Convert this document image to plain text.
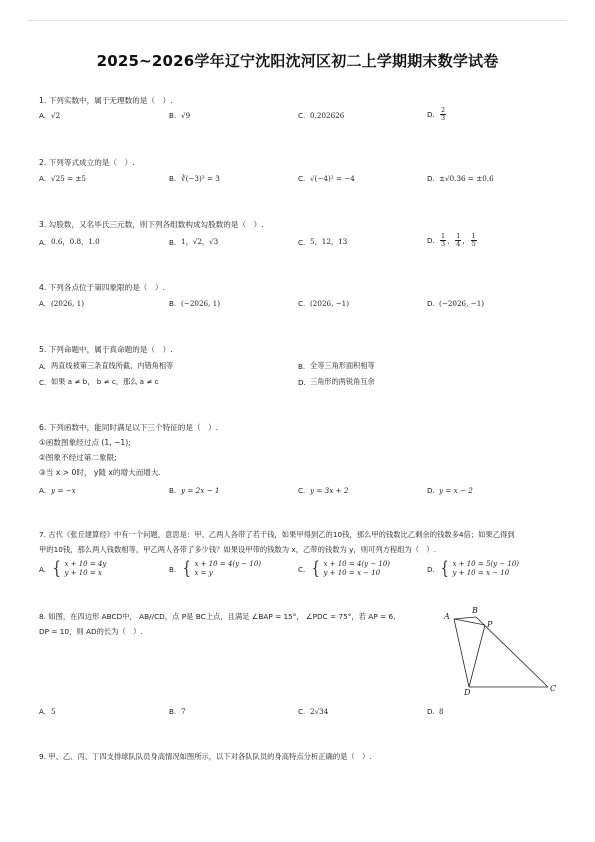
2025~2026学年辽宁沈阳沈河区初二上学期期末数学试卷
1. 下列实数中，属于无理数的是（　）.
A. √2	B. √9	C. 0.202626	D. $\frac{2}{3}$
2. 下列等式成立的是（　）.
A. √25 = ±5	B. ∛(−3)³ = 3	C. √(−4)² = −4	D. ±√0.36 = ±0.6
3. 勾股数，又名毕氏三元数，则下列各组数构成勾股数的是（　）.
A. 0.6，0.8，1.0	B. 1，√2，√3	C. 5，12，13	D. $\frac{1}{3}$ ， $\frac{1}{4}$ ， $\frac{1}{5}$
4. 下列各点位于第四象限的是（　）.
A. (2026, 1)	B. (−2026, 1)	C. (2026, −1)	D. (−2026, −1)
5. 下列命题中，属于真命题的是（　）.
A. 两直线被第三条直线所截，内错角相等	B. 全等三角形面积相等
C. 如果 a ≠ b， b ≠ c，那么 a ≠ c	D. 三角形的两锐角互余
6. 下列函数中，能同时满足以下三个特征的是（　）.
①函数图象经过点 (1, −1);
②图象不经过第二象限;
③当 x > 0时， y随 x的增大而增大.
A. y = −x	B. y = 2x − 1	C. y = 3x + 2	D. y = x − 2
7. 古代《张丘建算经》中有一个问题，意思是：甲、乙两人各带了若干钱，如果甲得到乙的10钱，那么甲的钱数比乙剩余的钱数多4倍；如果乙得到
甲的10钱，那么两人钱数相等，甲乙两人各带了多少钱？如果设甲带的钱数为 x，乙带的钱数为 y，则可列方程组为（　）.
A. { x + 10 = 4y
y + 10 = x	B. { x + 10 = 4(y − 10)
x = y	C. { x + 10 = 4(y − 10)
y + 10 = x − 10	D. { x + 10 = 5(y − 10)
y + 10 = x − 10
8. 如图，在四边形 ABCD中， AB//CD，点 P是 BC上点，且满足 ∠BAP = 15°， ∠PDC = 75°，若 AP = 6,
DP = 10，则 AD的长为（　）.
A
B
P
D	C
A. 5	B. 7	C. 2√34	D. 8
9. 甲、乙、丙、丁四支排球队队员身高情况如图所示，以下对各队队员的身高特点分析正确的是（　）.
